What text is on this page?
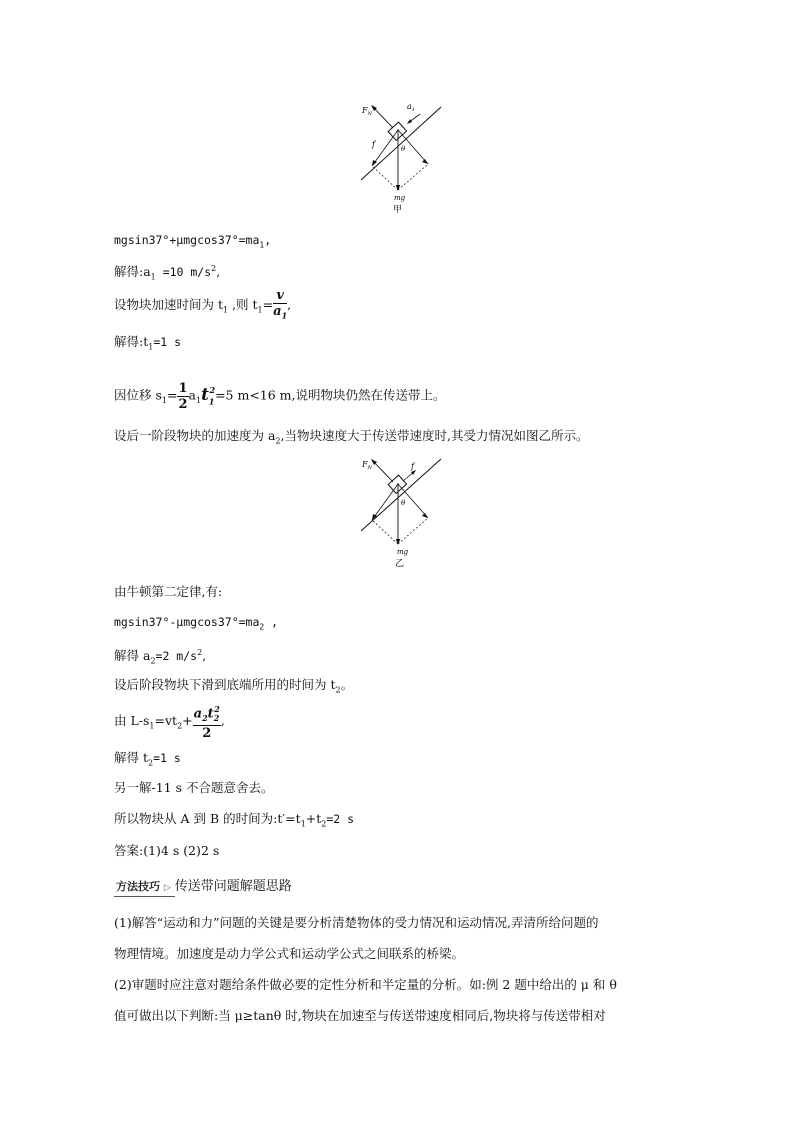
$F_N$
$a_1$
f	θ
mg
甲
$mgsin37^\circ+\mu mgcos37^\circ=ma_1$,
解得$:a_1 =10$ $m/s^2$,
设物块加速时间为 $t_1$ ,则 $t_1= \frac{v}{a_1}$ ,
解得$:t_1=1$ s
因位移 $s_1= \frac{1}{2} a_1t_1^2=5$ m<16 m,说明物块仍然在传送带上。
设后一阶段物块的加速度为 $a_2$,当物块速度大于传送带速度时,其受力情况如图乙所示。
$F_N$	f
θ
mg
乙
由牛顿第二定律,有:
$mgsin37^\circ-\mu mgcos37^\circ=ma_2$ ,
解得 $a_2=2$ $m/s^2$,
设后阶段物块下滑到底端所用的时间为 $t_2$。
由 $L-s_1=vt_2+ \frac{a_2t_2^2}{2}$ ,
解得 $t_2=1$ s
另一解-11 s 不合题意舍去。
所以物块从 A 到 B 的时间为$:t'=t_1+t_2=2$ s
答案:(1)4 s (2)2 s
方法技巧 ▷ 传送带问题解题思路
(1)解答“运动和力”问题的关键是要分析清楚物体的受力情况和运动情况,弄清所给问题的
物理情境。加速度是动力学公式和运动学公式之间联系的桥梁。
(2)审题时应注意对题给条件做必要的定性分析和半定量的分析。如:例 2 题中给出的 μ 和 θ
值可做出以下判断:当 μ≥tanθ 时,物块在加速至与传送带速度相同后,物块将与传送带相对
